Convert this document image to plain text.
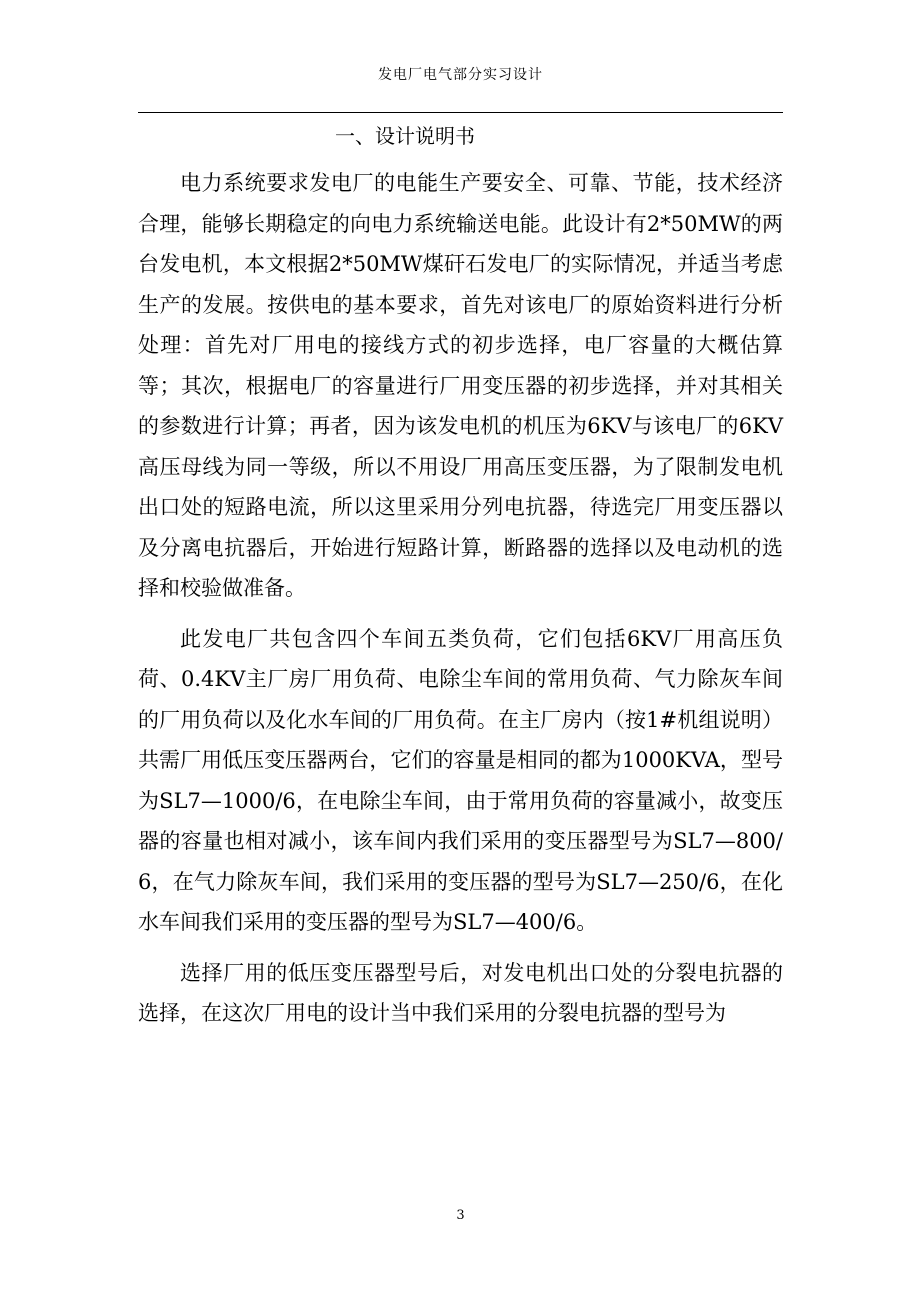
发电厂电气部分实习设计
一、设计说明书

电力系统要求发电厂的电能生产要安全、可靠、节能，技术经济合理，能够长期稳定的向电力系统输送电能。此设计有2*50MW的两台发电机，本文根据2*50MW煤矸石发电厂的实际情况，并适当考虑生产的发展。按供电的基本要求，首先对该电厂的原始资料进行分析处理：首先对厂用电的接线方式的初步选择，电厂容量的大概估算等；其次，根据电厂的容量进行厂用变压器的初步选择，并对其相关的参数进行计算；再者，因为该发电机的机压为6KV与该电厂的6KV 高压母线为同一等级，所以不用设厂用高压变压器，为了限制发电机出口处的短路电流，所以这里采用分列电抗器，待选完厂用变压器以及分离电抗器后，开始进行短路计算，断路器的选择以及电动机的选择和校验做准备。

此发电厂共包含四个车间五类负荷，它们包括6KV厂用高压负荷、0.4KV主厂房厂用负荷、电除尘车间的常用负荷、气力除灰车间的厂用负荷以及化水车间的厂用负荷。在主厂房内（按1#机组说明）共需厂用低压变压器两台，它们的容量是相同的都为1000KVA，型号为SL7—1000/6，在电除尘车间，由于常用负荷的容量减小，故变压器的容量也相对减小，该车间内我们采用的变压器型号为SL7—800/6，在气力除灰车间，我们采用的变压器的型号为SL7—250/6，在化水车间我们采用的变压器的型号为SL7—400/6。

选择厂用的低压变压器型号后，对发电机出口处的分裂电抗器的选择，在这次厂用电的设计当中我们采用的分裂电抗器的型号为

3
